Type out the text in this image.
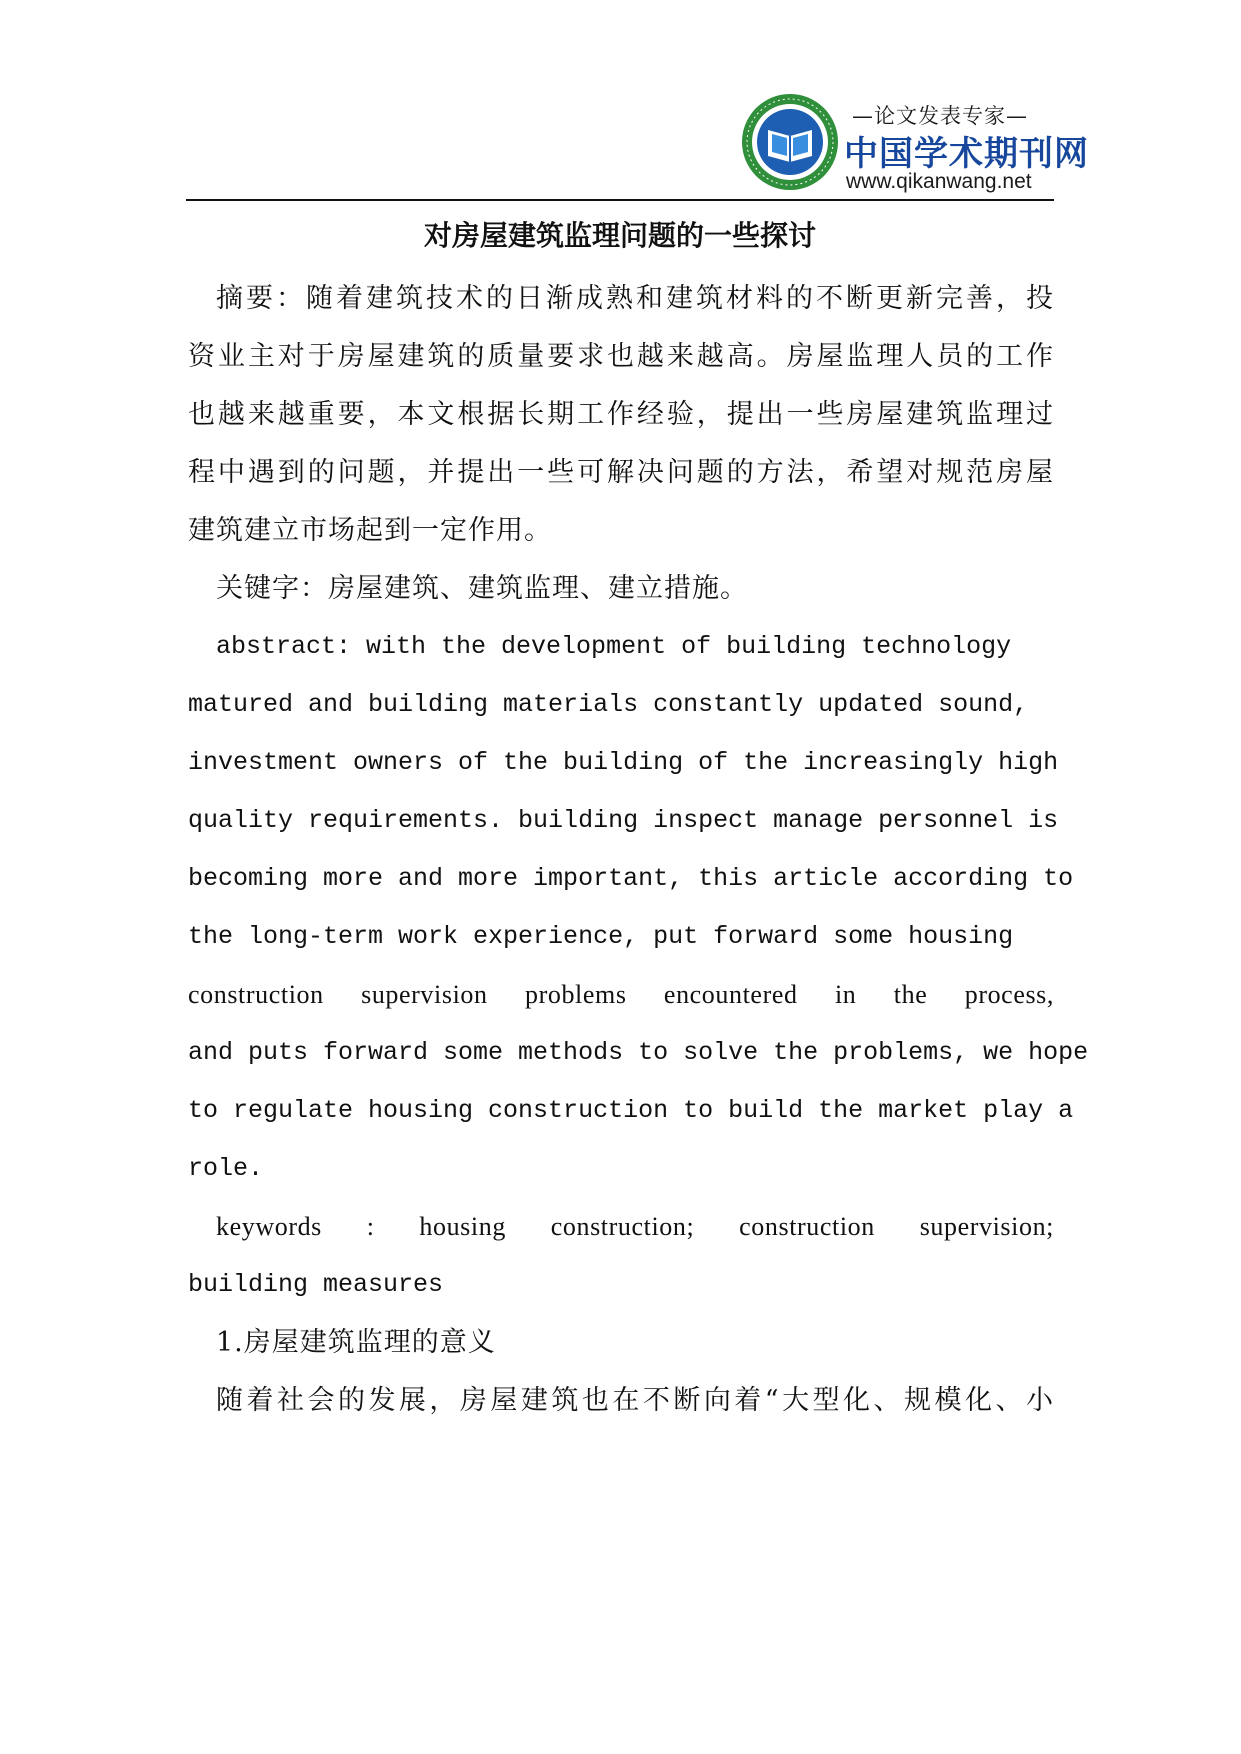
—论文发表专家—
中国学术期刊网
www.qikanwang.net
对房屋建筑监理问题的一些探讨
摘要：随着建筑技术的日渐成熟和建筑材料的不断更新完善，投
资业主对于房屋建筑的质量要求也越来越高。房屋监理人员的工作
也越来越重要，本文根据长期工作经验，提出一些房屋建筑监理过
程中遇到的问题，并提出一些可解决问题的方法，希望对规范房屋
建筑建立市场起到一定作用。
关键字：房屋建筑、建筑监理、建立措施。
abstract: with the development of building technology
matured and building materials constantly updated sound,
investment owners of the building of the increasingly high
quality requirements. building inspect manage personnel is
becoming more and more important, this article according to
the long-term work experience, put forward some housing
construction supervision problems encountered in the process,
and puts forward some methods to solve the problems, we hope
to regulate housing construction to build the market play a
role.
keywords : housing construction; construction supervision;
building measures
1.房屋建筑监理的意义
随着社会的发展，房屋建筑也在不断向着“大型化、规模化、小
